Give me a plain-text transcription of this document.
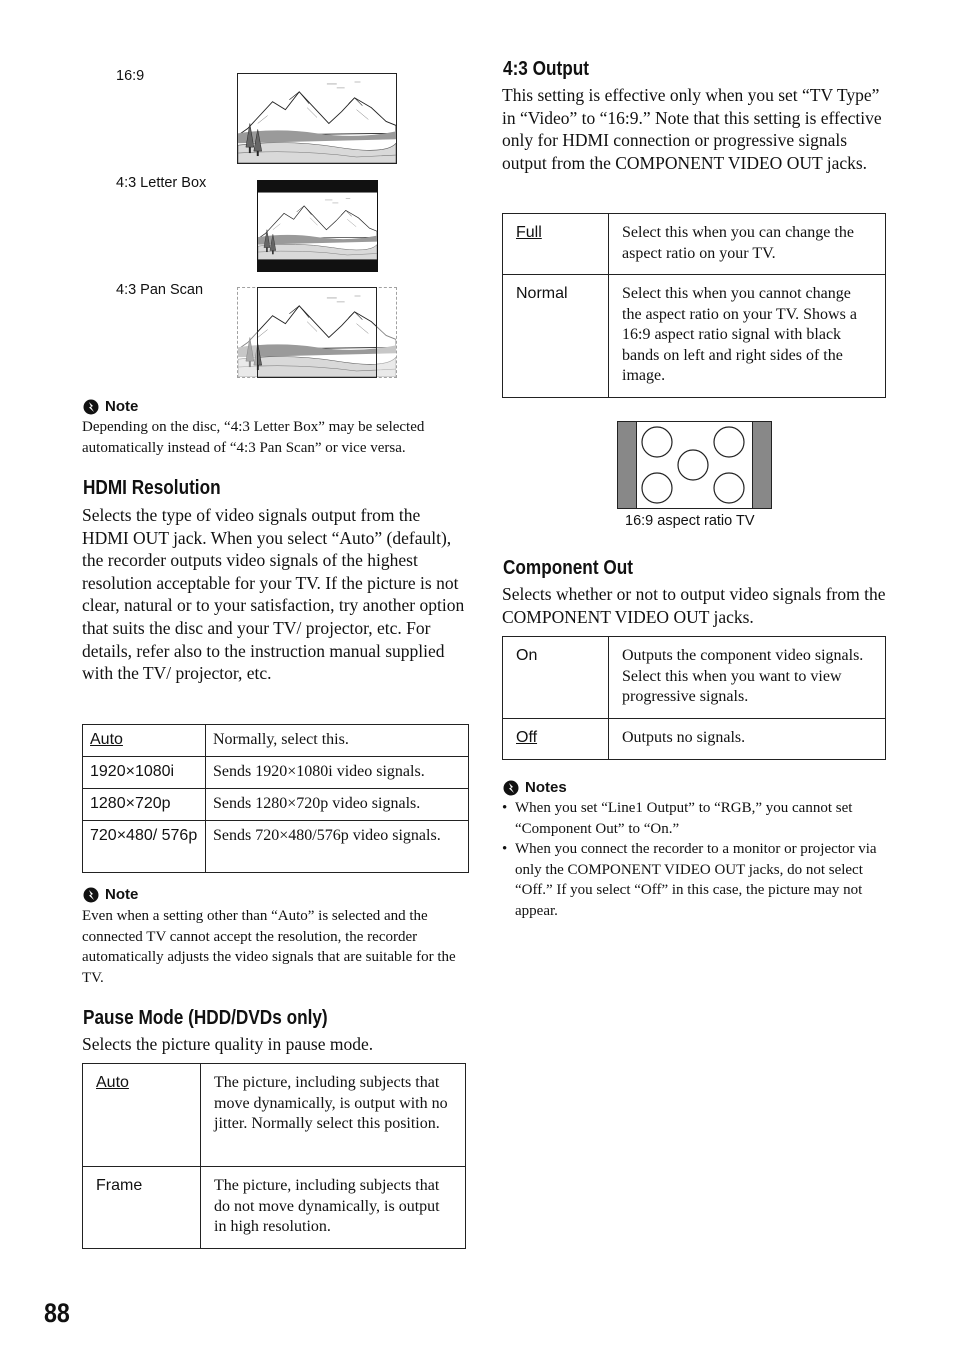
16:9
4:3 Letter Box
4:3 Pan Scan
Note
Depending on the disc, “4:3 Letter Box” may be selected automatically instead of “4:3 Pan Scan” or vice versa.
HDMI Resolution
Selects the type of video signals output from the HDMI OUT jack. When you select “Auto” (default), the recorder outputs video signals of the highest resolution acceptable for your TV. If the picture is not clear, natural or to your satisfaction, try another option that suits the disc and your TV/ projector, etc. For details, refer also to the instruction manual supplied with the TV/ projector, etc.
Auto	Normally, select this.
1920×1080i	Sends 1920×1080i video signals.
1280×720p	Sends 1280×720p video signals.
720×480/ 576p	Sends 720×480/576p video signals.
Note
Even when a setting other than “Auto” is selected and the connected TV cannot accept the resolution, the recorder automatically adjusts the video signals that are suitable for the TV.
Pause Mode (HDD/DVDs only)
Selects the picture quality in pause mode.
Auto	The picture, including subjects that move dynamically, is output with no jitter. Normally select this position.
Frame	The picture, including subjects that do not move dynamically, is output in high resolution.
88
4:3 Output
This setting is effective only when you set “TV Type” in “Video” to “16:9.” Note that this setting is effective only for HDMI connection or progressive signals output from the COMPONENT VIDEO OUT jacks.
Full	Select this when you can change the aspect ratio on your TV.
Normal	Select this when you cannot change the aspect ratio on your TV. Shows a 16:9 aspect ratio signal with black bands on left and right sides of the image.
16:9 aspect ratio TV
Component Out
Selects whether or not to output video signals from the COMPONENT VIDEO OUT jacks.
On	Outputs the component video signals. Select this when you want to view progressive signals.
Off	Outputs no signals.
Notes
• When you set “Line1 Output” to “RGB,” you cannot set “Component Out” to “On.”
• When you connect the recorder to a monitor or projector via only the COMPONENT VIDEO OUT jacks, do not select “Off.” If you select “Off” in this case, the picture may not appear.
